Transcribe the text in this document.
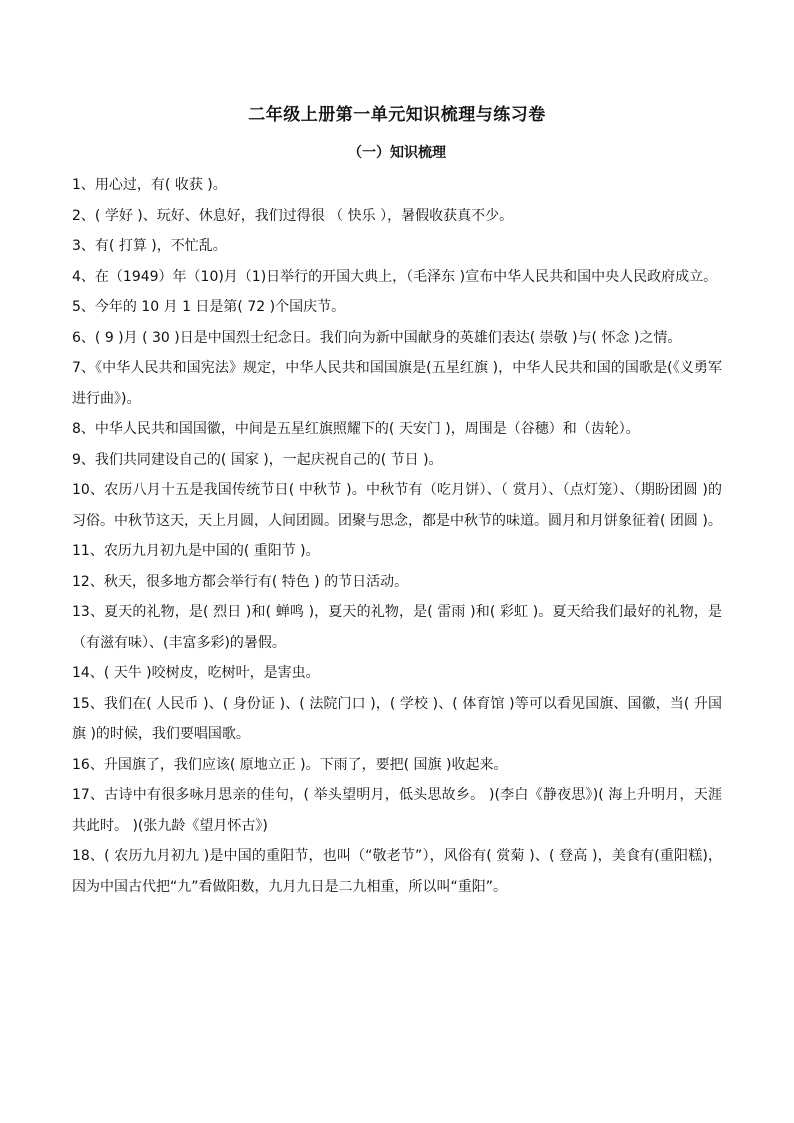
二年级上册第一单元知识梳理与练习卷
（一）知识梳理

1、用心过，有( 收获 )。

2、( 学好 )、玩好、休息好，我们过得很 （ 快乐 ），暑假收获真不少。

3、有( 打算 )，不忙乱。

4、在（1949）年（10)月（1)日举行的开国大典上，（毛泽东 )宣布中华人民共和国中央人民政府成立。

5、今年的 10 月 1 日是第( 72 )个国庆节。

6、( 9 )月 ( 30 )日是中国烈士纪念日。我们向为新中国献身的英雄们表达( 崇敬 )与( 怀念 )之情。

7、《中华人民共和国宪法》规定，中华人民共和国国旗是(五星红旗 )，中华人民共和国的国歌是(《义勇军进行曲》)。

8、中华人民共和国国徽，中间是五星红旗照耀下的( 天安门 )，周围是（谷穗）和（齿轮）。

9、我们共同建设自己的( 国家 )，一起庆祝自己的( 节日 )。

10、农历八月十五是我国传统节日( 中秋节 )。中秋节有（吃月饼）、（ 赏月）、（点灯笼）、（期盼团圆 )的习俗。中秋节这天，天上月圆，人间团圆。团聚与思念，都是中秋节的味道。圆月和月饼象征着( 团圆 )。

11、农历九月初九是中国的( 重阳节 )。

12、秋天，很多地方都会举行有( 特色 ) 的节日活动。

13、夏天的礼物，是( 烈日 )和( 蝉鸣 )，夏天的礼物，是( 雷雨 )和( 彩虹 )。夏天给我们最好的礼物，是（有滋有味）、(丰富多彩)的暑假。

14、( 天牛 )咬树皮，吃树叶，是害虫。

15、我们在( 人民币 )、( 身份证 )、( 法院门口 )，( 学校 )、( 体育馆 )等可以看见国旗、国徽，当( 升国旗 )的时候，我们要唱国歌。

16、升国旗了，我们应该( 原地立正 )。下雨了，要把( 国旗 )收起来。

17、古诗中有很多咏月思亲的佳句，( 举头望明月，低头思故乡。 )(李白《静夜思》)( 海上升明月，天涯共此时。 )(张九龄《望月怀古》)

18、( 农历九月初九 )是中国的重阳节，也叫（“敬老节”），风俗有( 赏菊 )、( 登高 )，美食有(重阳糕)，因为中国古代把“九”看做阳数，九月九日是二九相重，所以叫“重阳”。
